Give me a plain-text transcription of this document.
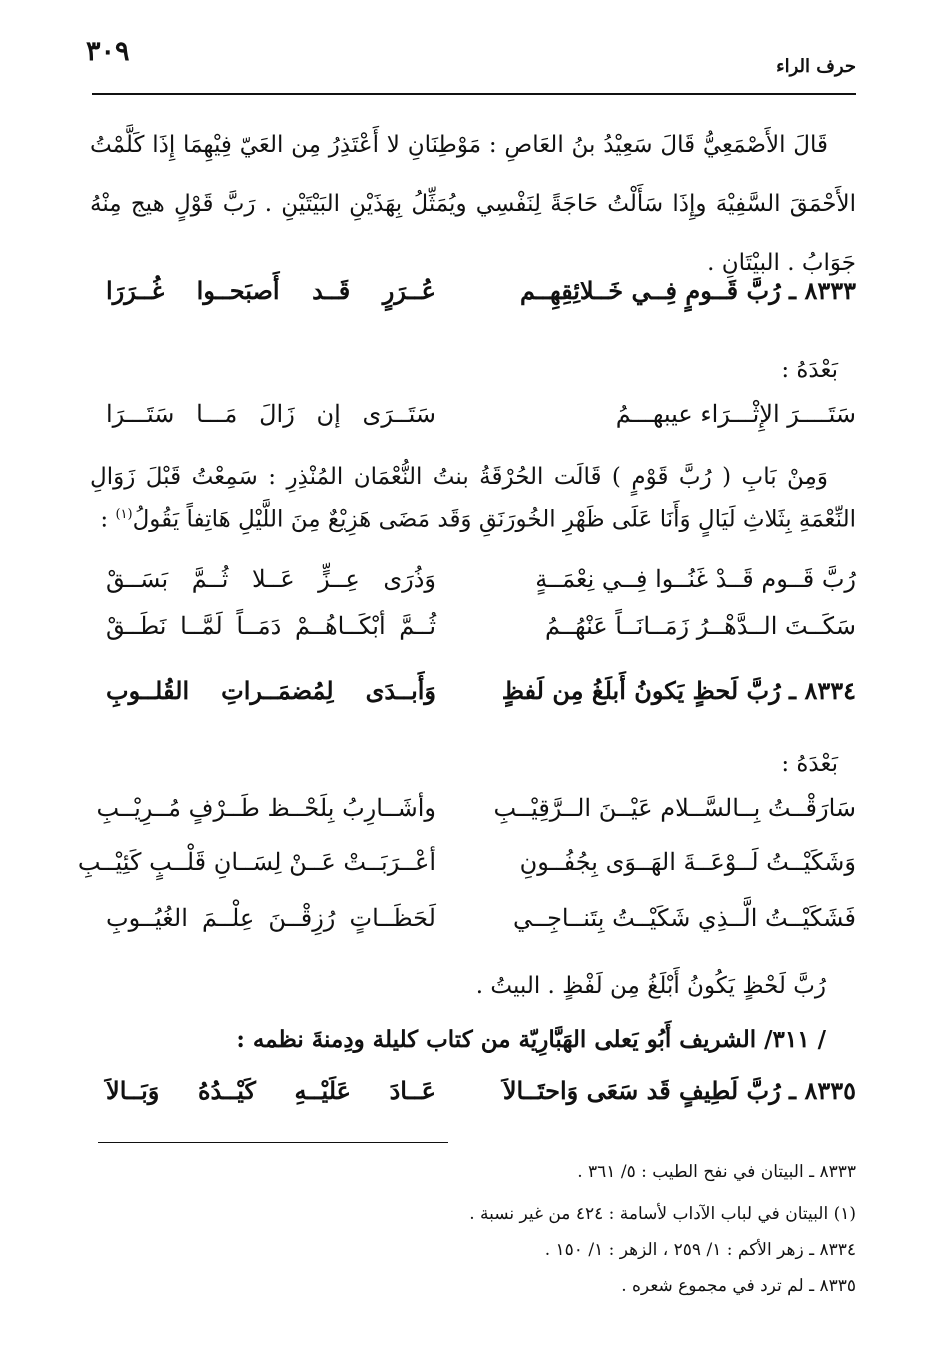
٣٠٩	حرف الراء

قَالَ الأَصْمَعِيُّ قَالَ سَعِيْدُ بنُ العَاصِ : مَوْطِنَانِ لا أَعْتَذِرُ مِن العَيّ فِيْهِمَا إِذَا كَلَّمْتُ الأَحْمَقَ السَّفِيْهَ وإِذَا سَأَلْتُ حَاجَةً لِنَفْسِي ويُمَثِّلُ بِهَذَيْنِ البَيْتَيْنِ . رَبَّ قَوْلٍ هيج مِنْهُ جَوَابُ . البيْتَانِ .

٨٣٣٣ ـ رُبَّ قَــومٍ فِــي خَــلائِقِهِــم
عُــرَرٍ قَــد أَصبَحــوا غُــرَرَا

بَعْدَهُ :

سَتَــــرَ الإِثْـــرَاء عيبهـــمُ
سَتَــرَى إن زَالَ مَـــا سَتَـــرَا

وَمِنْ بَابِ ( رُبَّ قَوْمٍ ) قَالَت الحُرْقَةُ بنتُ النُّعْمَان المُنْذِرِ : سَمِعْتُ قَبْلَ زَوَالِ النِّعْمَةِ بِثَلاثِ لَيَالٍ وَأَنَا عَلَى ظَهْرِ الخُورَنَقِ وَقَد مَضَى هَزِيْعٌ مِنَ اللَّيْلِ هَاتِفاً يَقُولُ$^{(١)}$ :

رُبَّ قَــوم قَــدْ غَنُــوا فِــي نِعْمَــةٍ
وَذُرَى عِــزٍّ عَــلا ثُــمَّ بَسَــقْ
سَكَــتَ الــدَّهْــرُ زَمَــانَــاً عَنْهُــمُ
ثُــمَّ أبْكَــاهُــمْ دَمَــاً لَمَّــا نَطَــقْ
٨٣٣٤ ـ رُبَّ لَحظٍ يَكونُ أَبلَغُ مِن لَفظٍ
وَأَبــدَى لِمُضمَــراتِ القُلــوبِ

بَعْدَهُ :

سَارَقْــتُ بِــالسَّــلام عَيْــنَ الــرَّقِيْــبِ
وأشَــارِبُ بِلَحْــظ طَــرْفٍ مُــرِيْــبِ
وَشَكَيْــتُ لَــوْعَــةَ الهَــوَى بِجُفُــونِ
أعْــرَبَــتْ عَــنْ لِسَــانِ قَلْــبٍ كَئِيْــبِ
فَشَكَيْــتُ الَّــذِي شَكَيْــتُ بِتَنــاجِــي
لَحَظَــاتٍ رُزِقْــنَ عِلْــمَ الغُيُــوبِ

رُبَّ لَحْظٍ يَكُونُ أَبْلَغُ مِن لَفْظٍ . البيتُ .

/ ٣١١/ الشريف أَبُو يَعلى الهَبَّارِيّة من كتاب كليلة ودِمنةَ نظمه :

٨٣٣٥ ـ رُبَّ لَطِيفٍ قَد سَعَى وَاحتَــالاَ
عَــادَ عَلَيْــهِ كَيْــدُهُ وَبَــالاَ
٨٣٣٣ ـ البيتان في نفح الطيب : ٥/ ٣٦١ .
(١) البيتان في لباب الآداب لأسامة : ٤٢٤ من غير نسبة .
٨٣٣٤ ـ زهر الأكم : ١/ ٢٥٩ ، الزهر : ١/ ١٥٠ .
٨٣٣٥ ـ لم ترد في مجموع شعره .
